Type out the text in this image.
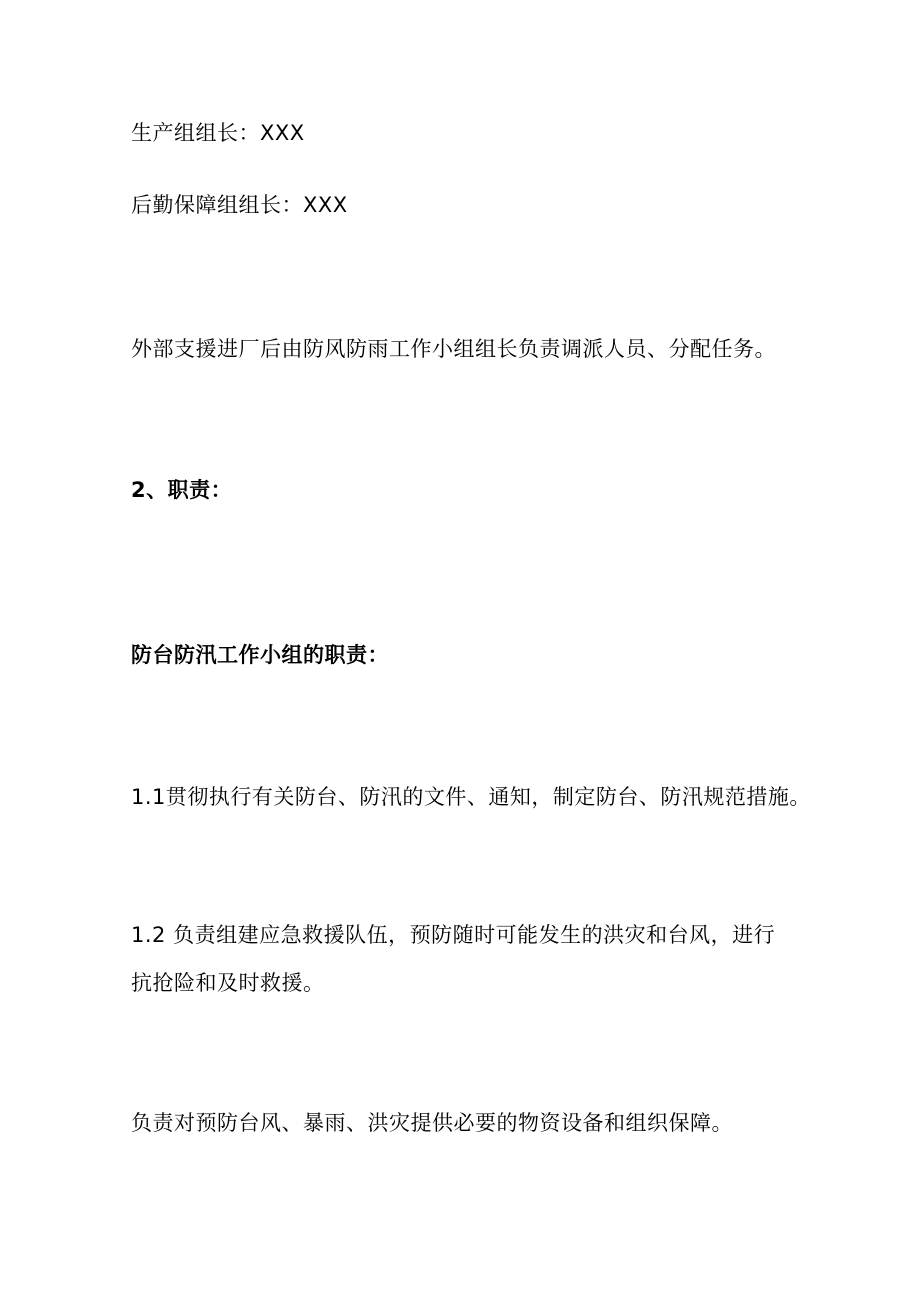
生产组组长：XXX

后勤保障组组长：XXX

外部支援进厂后由防风防雨工作小组组长负责调派人员、分配任务。

2、职责：

防台防汛工作小组的职责：

1.1贯彻执行有关防台、防汛的文件、通知，制定防台、防汛规范措施。

1.2 负责组建应急救援队伍，预防随时可能发生的洪灾和台风，进行抗抢险和及时救援。

负责对预防台风、暴雨、洪灾提供必要的物资设备和组织保障。
